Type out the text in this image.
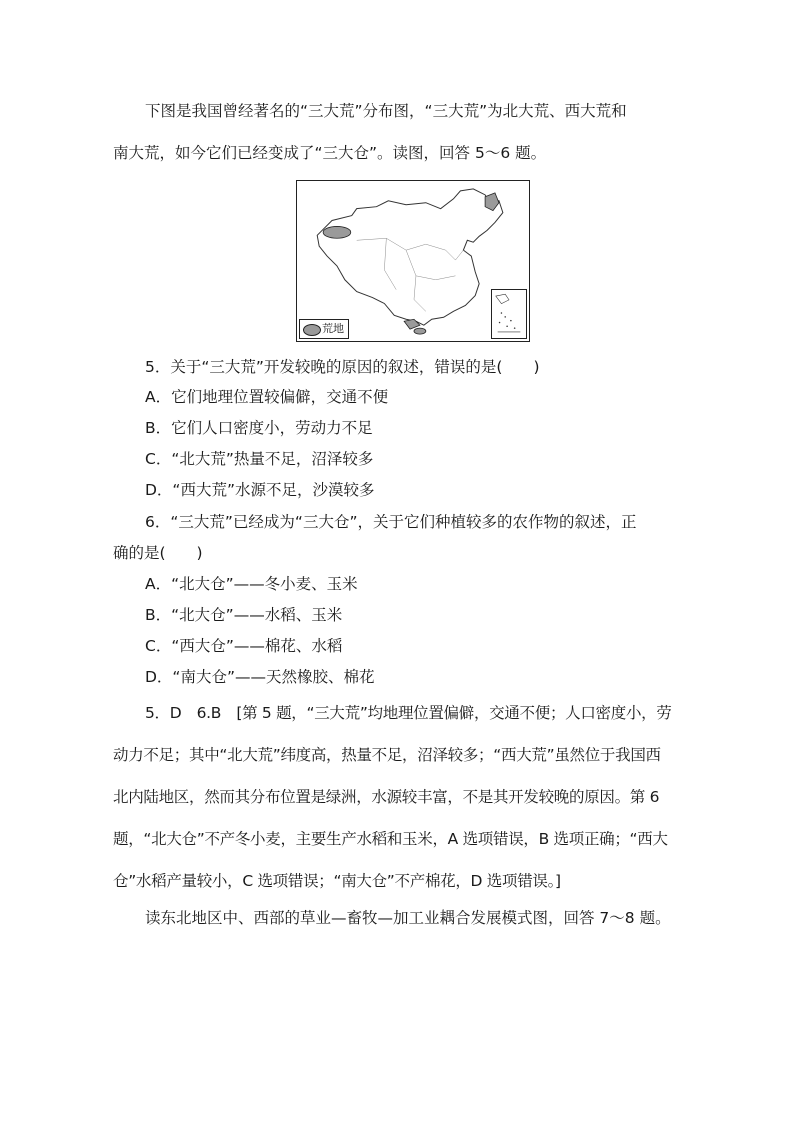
下图是我国曾经著名的“三大荒”分布图，“三大荒”为北大荒、西大荒和
南大荒，如今它们已经变成了“三大仓”。读图，回答 5～6 题。
荒地
5．关于“三大荒”开发较晚的原因的叙述，错误的是(　　)
A．它们地理位置较偏僻，交通不便
B．它们人口密度小，劳动力不足
C．“北大荒”热量不足，沼泽较多
D．“西大荒”水源不足，沙漠较多
6．“三大荒”已经成为“三大仓”，关于它们种植较多的农作物的叙述，正
确的是(　　)
A．“北大仓”——冬小麦、玉米
B．“北大仓”——水稻、玉米
C．“西大仓”——棉花、水稻
D．“南大仓”——天然橡胶、棉花
5．D　6.B　[第 5 题，“三大荒”均地理位置偏僻，交通不便；人口密度小，劳
动力不足；其中“北大荒”纬度高，热量不足，沼泽较多；“西大荒”虽然位于我国西
北内陆地区，然而其分布位置是绿洲，水源较丰富，不是其开发较晚的原因。第 6
题，“北大仓”不产冬小麦，主要生产水稻和玉米，A 选项错误，B 选项正确；“西大
仓”水稻产量较小，C 选项错误；“南大仓”不产棉花，D 选项错误。]
读东北地区中、西部的草业—畜牧—加工业耦合发展模式图，回答 7～8 题。
